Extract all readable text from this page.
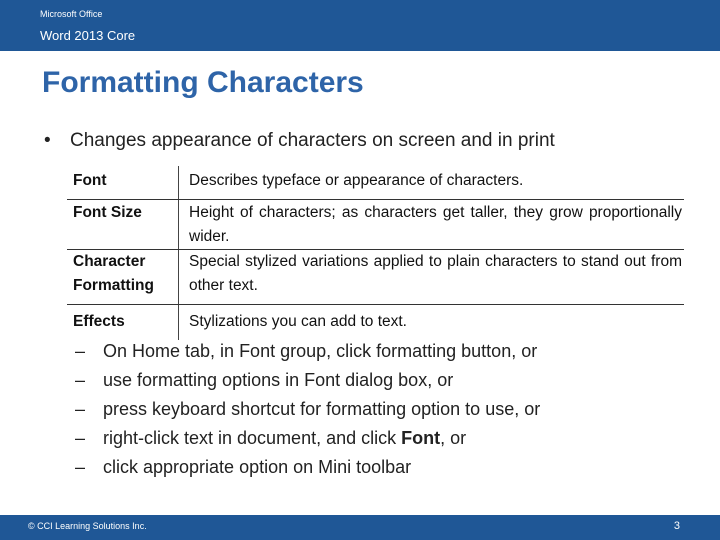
Microsoft Office
Word 2013 Core
Formatting Characters
• Changes appearance of characters on screen and in print
Font	Describes typeface or appearance of characters.
Font Size	Height of characters; as characters get taller, they grow proportionally wider.
Character Formatting	Special stylized variations applied to plain characters to stand out from other text.
Effects	Stylizations you can add to text.
– On Home tab, in Font group, click formatting button, or
– use formatting options in Font dialog box, or
– press keyboard shortcut for formatting option to use, or
– right-click text in document, and click Font, or
– click appropriate option on Mini toolbar
© CCI Learning Solutions Inc.	3
